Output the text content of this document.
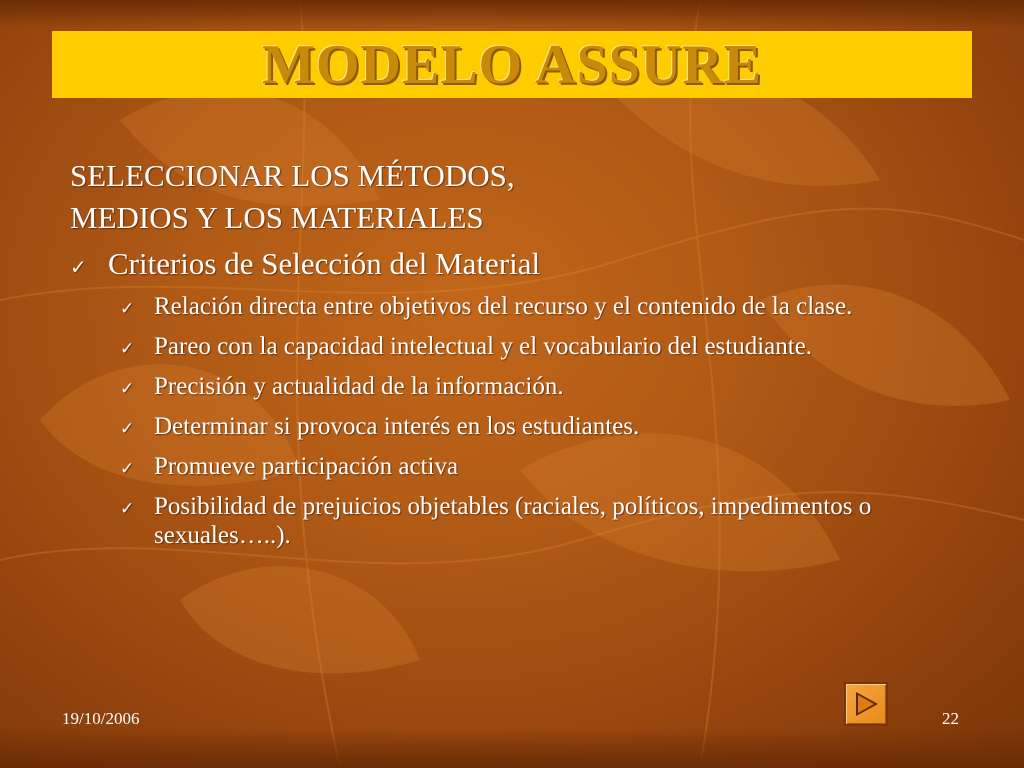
MODELO ASSURE
SELECCIONAR LOS MÉTODOS,
MEDIOS Y LOS MATERIALES
✓ Criterios de Selección del Material
✓ Relación directa entre objetivos del recurso y el contenido de la clase.
✓ Pareo con la capacidad intelectual y el vocabulario del estudiante.
✓ Precisión y actualidad de la información.
✓ Determinar si provoca interés en los estudiantes.
✓ Promueve participación activa
✓ Posibilidad de prejuicios objetables (raciales, políticos, impedimentos o sexuales…..).
19/10/2006	22
